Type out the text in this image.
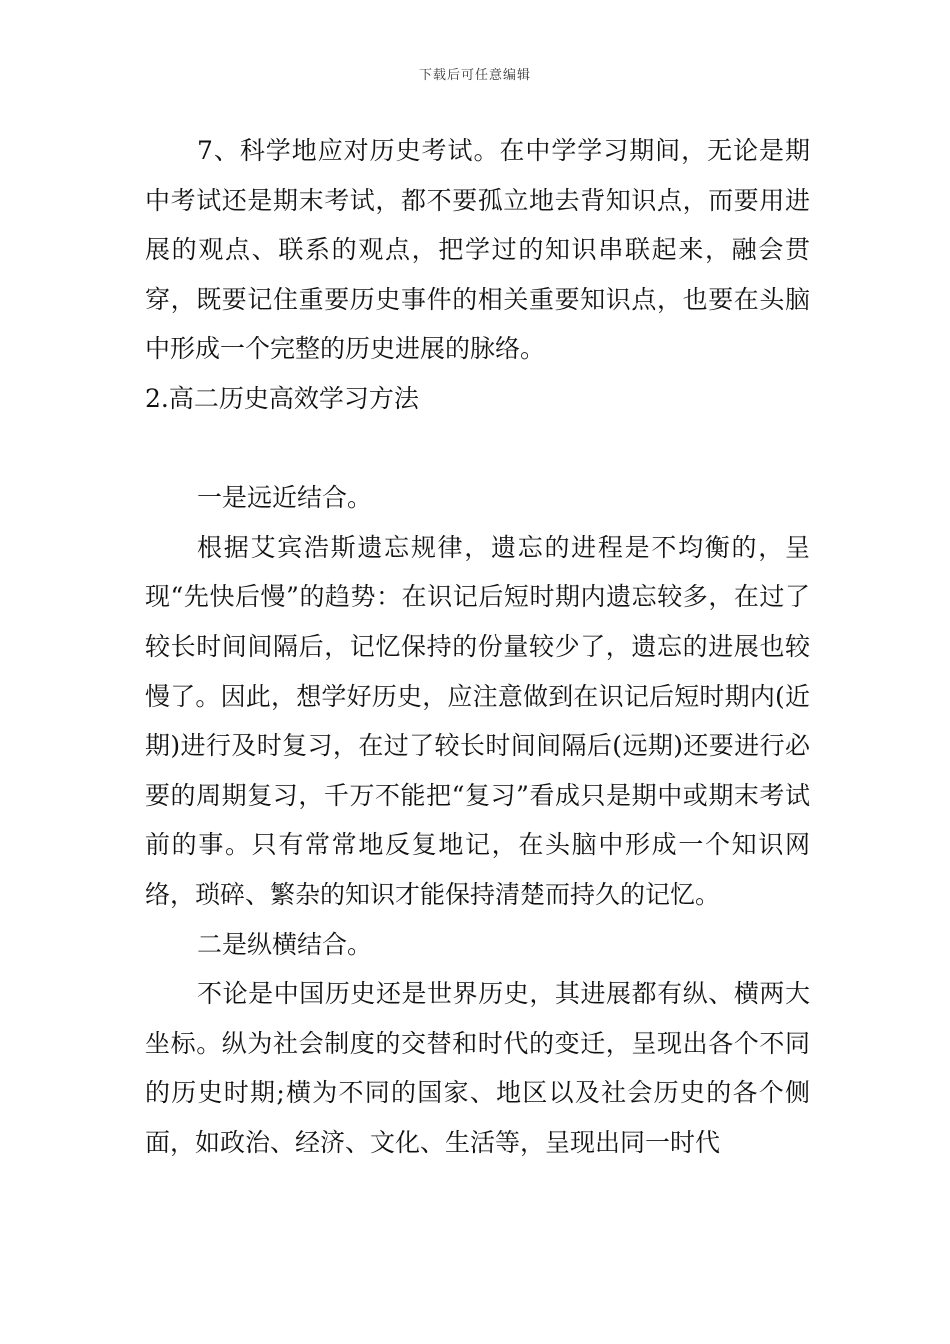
下载后可任意编辑

7、科学地应对历史考试。在中学学习期间，无论是期中考试还是期末考试，都不要孤立地去背知识点，而要用进展的观点、联系的观点，把学过的知识串联起来，融会贯穿，既要记住重要历史事件的相关重要知识点，也要在头脑中形成一个完整的历史进展的脉络。

2.高二历史高效学习方法

一是远近结合。

根据艾宾浩斯遗忘规律，遗忘的进程是不均衡的，呈现“先快后慢”的趋势：在识记后短时期内遗忘较多，在过了较长时间间隔后，记忆保持的份量较少了，遗忘的进展也较慢了。因此，想学好历史，应注意做到在识记后短时期内(近期)进行及时复习，在过了较长时间间隔后(远期)还要进行必要的周期复习，千万不能把“复习”看成只是期中或期末考试前的事。只有常常地反复地记，在头脑中形成一个知识网络，琐碎、繁杂的知识才能保持清楚而持久的记忆。

二是纵横结合。

不论是中国历史还是世界历史，其进展都有纵、横两大坐标。纵为社会制度的交替和时代的变迁，呈现出各个不同的历史时期;横为不同的国家、地区以及社会历史的各个侧面，如政治、经济、文化、生活等，呈现出同一时代
